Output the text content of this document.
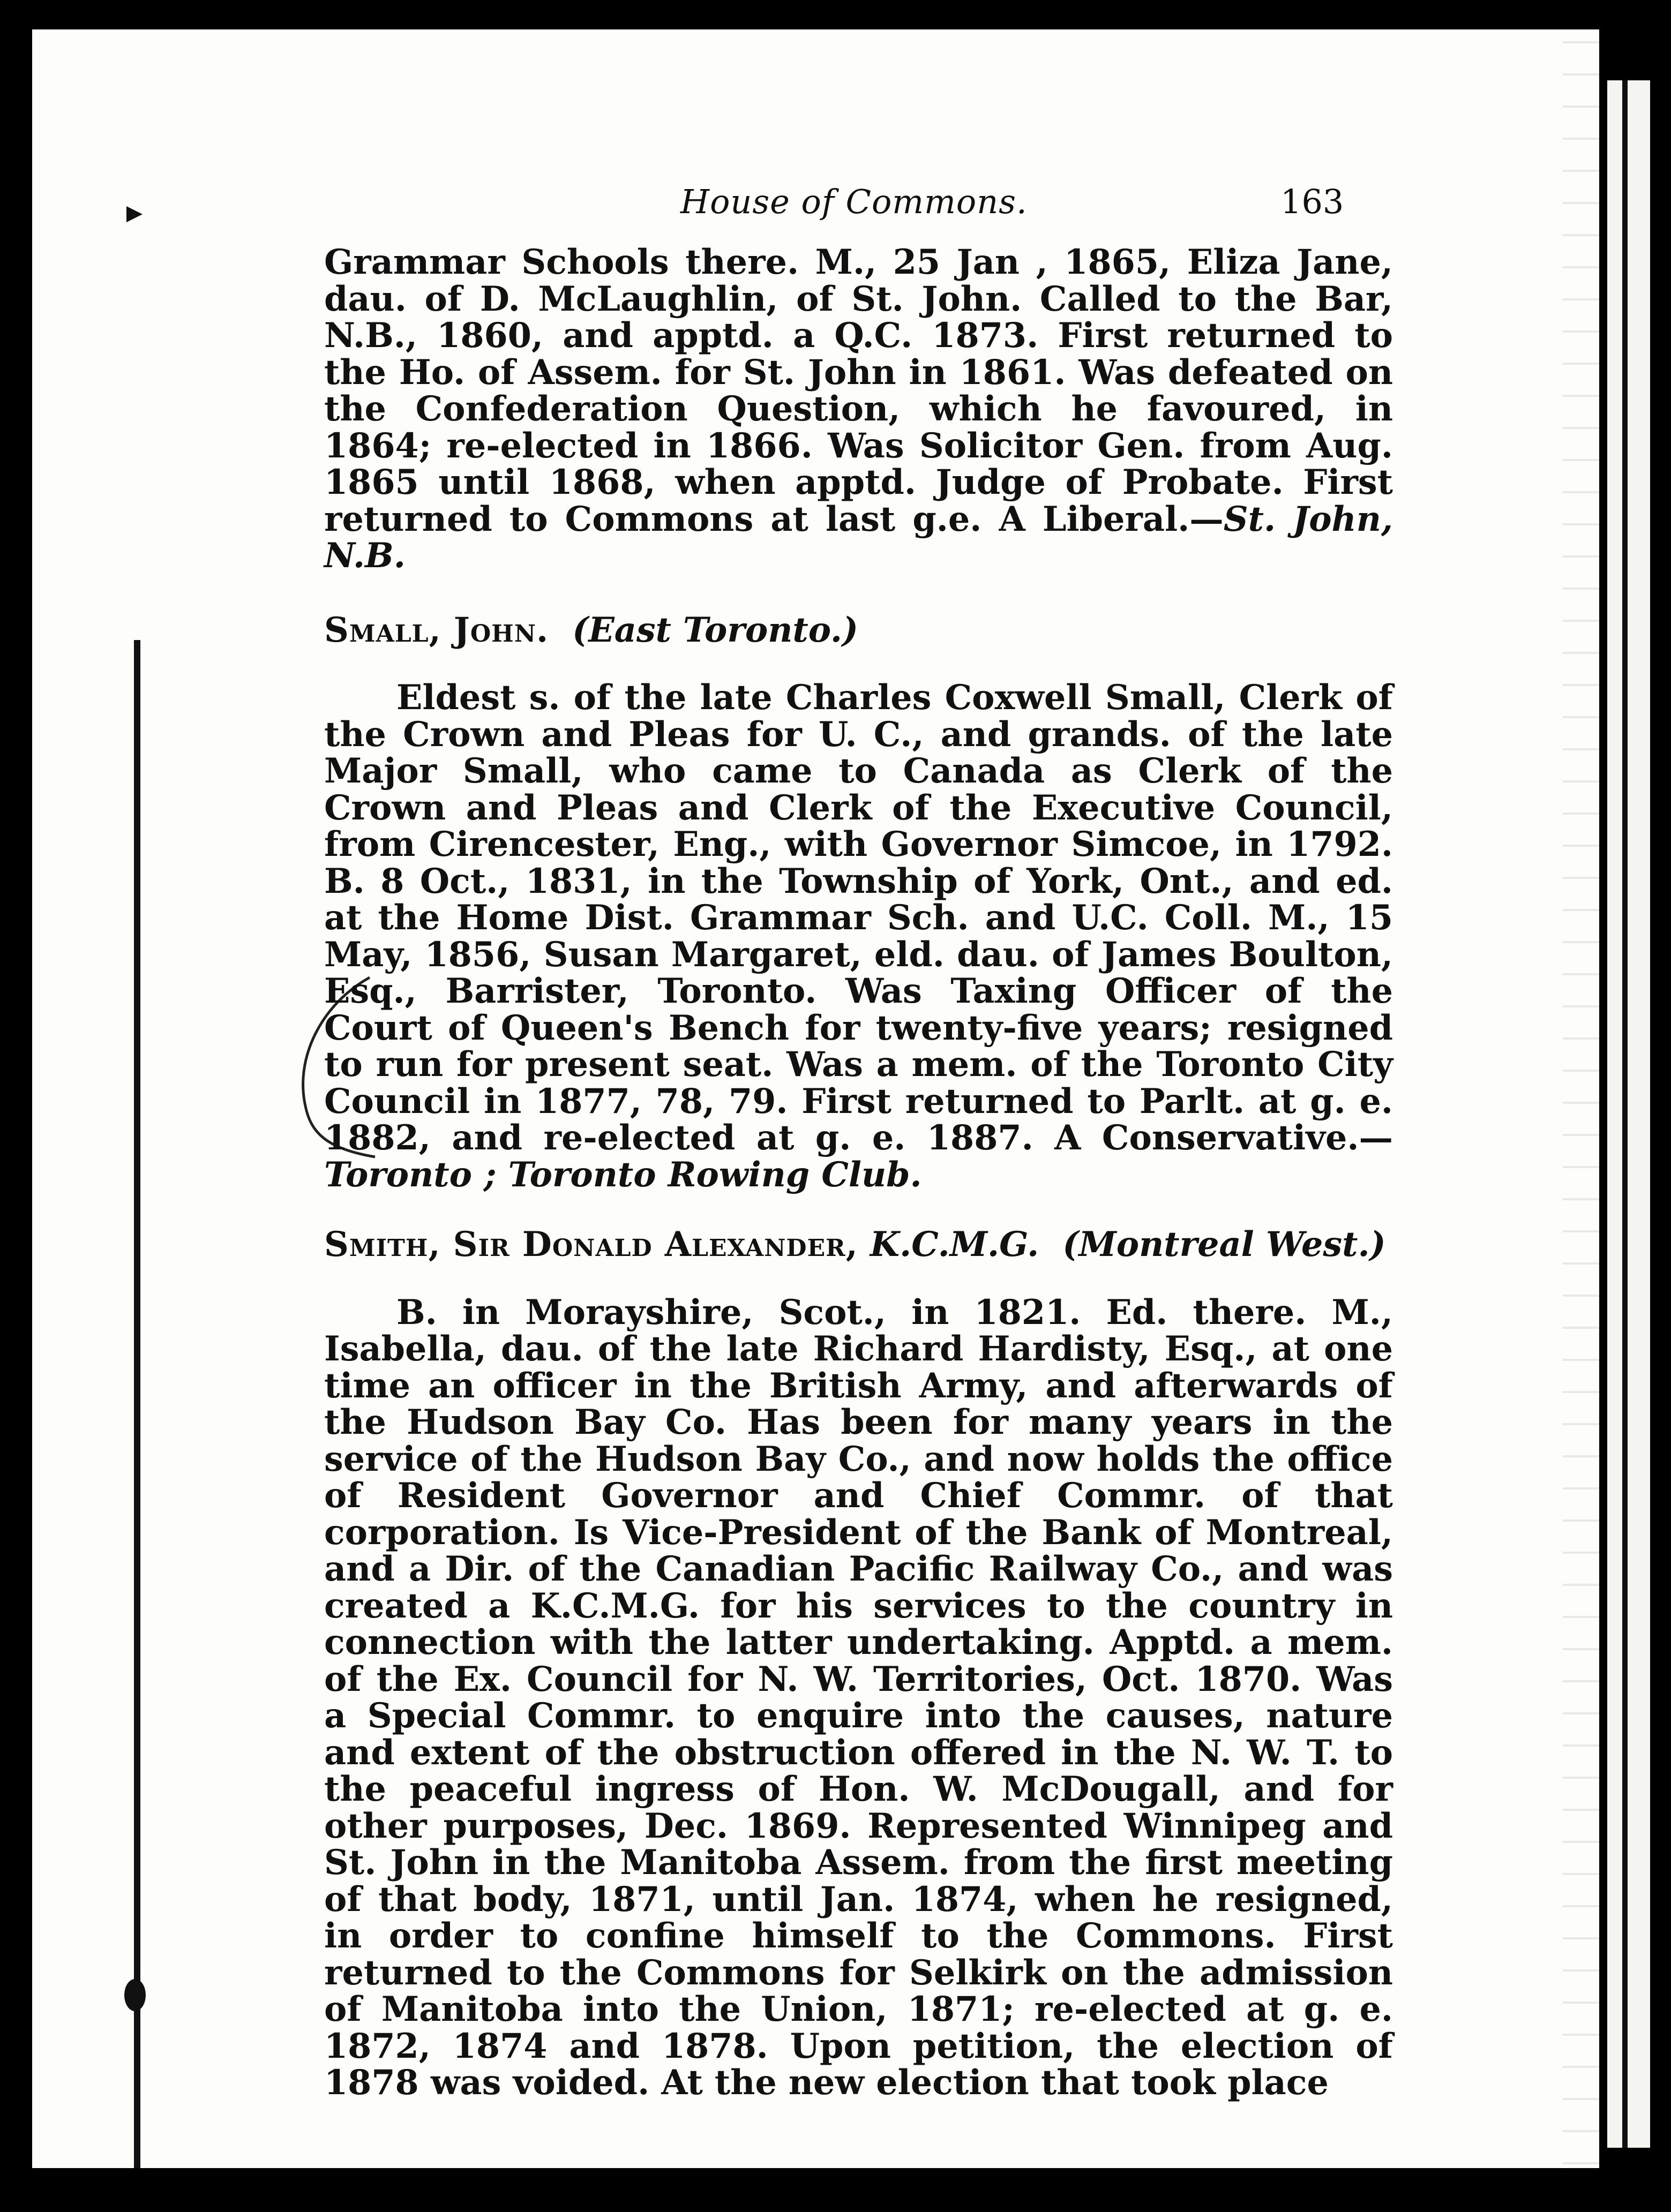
House of Commons.	163

Grammar Schools there. M., 25 Jan , 1865, Eliza Jane, dau. of D. McLaughlin, of St. John. Called to the Bar, N.B., 1860, and apptd. a Q.C. 1873. First returned to the Ho. of Assem. for St. John in 1861. Was defeated on the Confederation Question, which he favoured, in 1864; re-elected in 1866. Was Solicitor Gen. from Aug. 1865 until 1868, when apptd. Judge of Probate. First returned to Commons at last g.e. A Liberal.—St. John, N.B.

Small, John. (East Toronto.)

Eldest s. of the late Charles Coxwell Small, Clerk of the Crown and Pleas for U. C., and grands. of the late Major Small, who came to Canada as Clerk of the Crown and Pleas and Clerk of the Executive Council, from Cirencester, Eng., with Governor Simcoe, in 1792. B. 8 Oct., 1831, in the Township of York, Ont., and ed. at the Home Dist. Grammar Sch. and U.C. Coll. M., 15 May, 1856, Susan Margaret, eld. dau. of James Boulton, Esq., Barrister, Toronto. Was Taxing Officer of the Court of Queen's Bench for twenty-five years; resigned to run for present seat. Was a mem. of the Toronto City Council in 1877, 78, 79. First returned to Parlt. at g. e. 1882, and re-elected at g. e. 1887. A Conservative.—Toronto ; Toronto Rowing Club.

Smith, Sir Donald Alexander, K.C.M.G. (Montreal West.)

B. in Morayshire, Scot., in 1821. Ed. there. M., Isabella, dau. of the late Richard Hardisty, Esq., at one time an officer in the British Army, and afterwards of the Hudson Bay Co. Has been for many years in the service of the Hudson Bay Co., and now holds the office of Resident Governor and Chief Commr. of that corporation. Is Vice-President of the Bank of Montreal, and a Dir. of the Canadian Pacific Railway Co., and was created a K.C.M.G. for his services to the country in connection with the latter undertaking. Apptd. a mem. of the Ex. Council for N. W. Territories, Oct. 1870. Was a Special Commr. to enquire into the causes, nature and extent of the obstruction offered in the N. W. T. to the peaceful ingress of Hon. W. McDougall, and for other purposes, Dec. 1869. Represented Winnipeg and St. John in the Manitoba Assem. from the first meeting of that body, 1871, until Jan. 1874, when he resigned, in order to confine himself to the Commons. First returned to the Commons for Selkirk on the admission of Manitoba into the Union, 1871; re-elected at g. e. 1872, 1874 and 1878. Upon petition, the election of 1878 was voided. At the new election that took place
